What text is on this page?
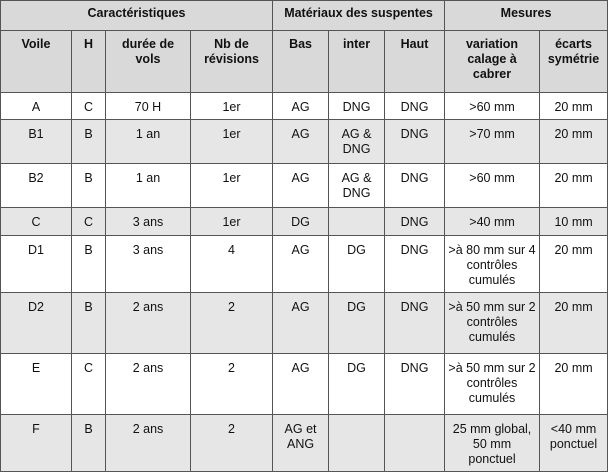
Caractéristiques				Matériaux des suspentes			Mesures	
Voile	H	durée de vols	Nb de révisions	Bas	inter	Haut	variation calage à cabrer	écarts symétrie
A	C	70 H	1er	AG	DNG	DNG	>60 mm	20 mm
B1	B	1 an	1er	AG	AG & DNG	DNG	>70 mm	20 mm
B2	B	1 an	1er	AG	AG & DNG	DNG	>60 mm	20 mm
C	C	3 ans	1er	DG		DNG	>40 mm	10 mm
D1	B	3 ans	4	AG	DG	DNG	>à 80 mm sur 4 contrôles cumulés	20 mm
D2	B	2 ans	2	AG	DG	DNG	>à 50 mm sur 2 contrôles cumulés	20 mm
E	C	2 ans	2	AG	DG	DNG	>à 50 mm sur 2 contrôles cumulés	20 mm
F	B	2 ans	2	AG et ANG			25 mm global, 50 mm ponctuel	<40 mm ponctuel
